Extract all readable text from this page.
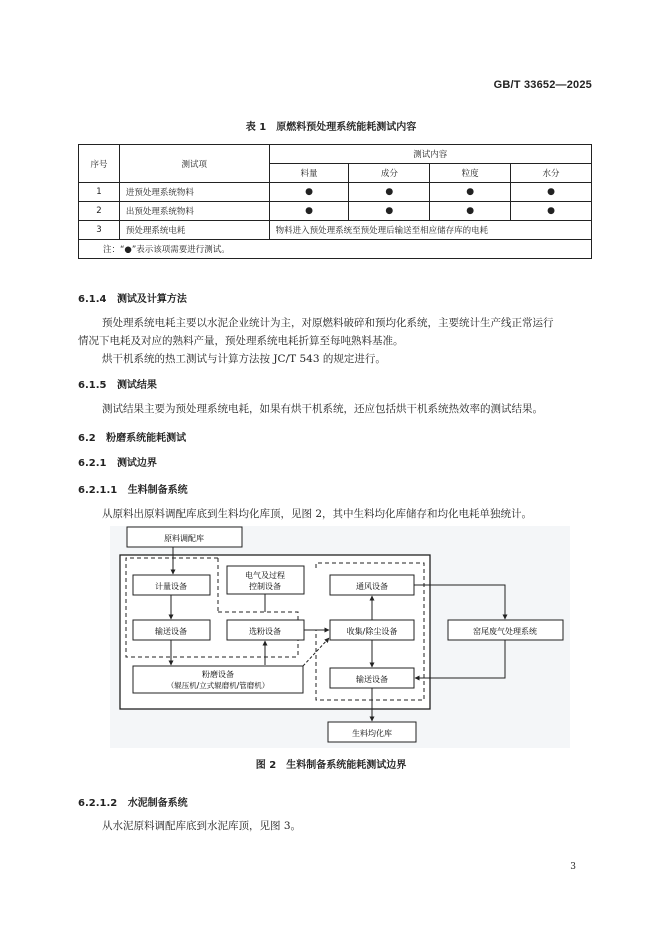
GB/T 33652—2025
表 1　原燃料预处理系统能耗测试内容
序号	测试项	测试内容			
		料量	成分	粒度	水分
1	进预处理系统物料	●	●	●	●
2	出预处理系统物料	●	●	●	●
3	预处理系统电耗	物料进入预处理系统至预处理后输送至相应储存库的电耗			
注：“●”表示该项需要进行测试。					
6.1.4 测试及计算方法
预处理系统电耗主要以水泥企业统计为主，对原燃料破碎和预均化系统，主要统计生产线正常运行
情况下电耗及对应的熟料产量，预处理系统电耗折算至每吨熟料基准。
烘干机系统的热工测试与计算方法按 JC/T 543 的规定进行。
6.1.5 测试结果
测试结果主要为预处理系统电耗，如果有烘干机系统，还应包括烘干机系统热效率的测试结果。
6.2 粉磨系统能耗测试
6.2.1 测试边界
6.2.1.1 生料制备系统
从原料出原料调配库底到生料均化库顶，见图 2，其中生料均化库储存和均化电耗单独统计。
原料调配库
计量设备
电气及过程
控制设备	通风设备
窑尾废气处理系统
输送设备	选粉设备	收集/除尘设备
粉磨设备
（辊压机/立式辊磨机/管磨机）
输送设备
生料均化库
图 2　生料制备系统能耗测试边界
6.2.1.2 水泥制备系统
从水泥原料调配库底到水泥库顶，见图 3。
3
